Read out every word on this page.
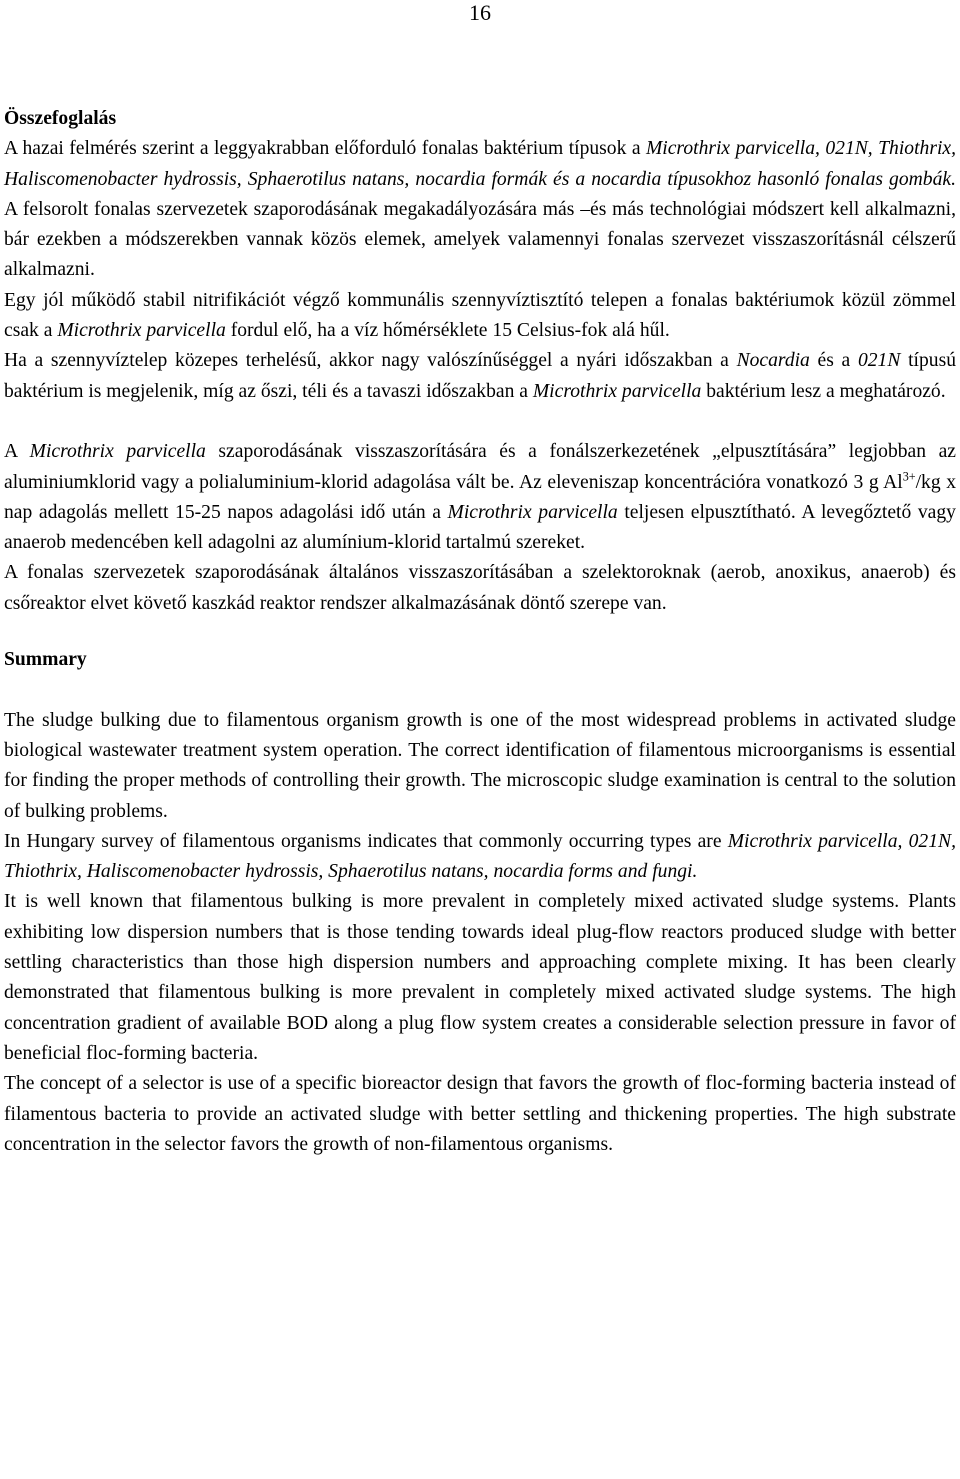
16
Összefoglalás

A hazai felmérés szerint a leggyakrabban előforduló fonalas baktérium típusok a Microthrix parvicella, 021N, Thiothrix, Haliscomenobacter hydrossis, Sphaerotilus natans, nocardia formák és a nocardia típusokhoz hasonló fonalas gombák. A felsorolt fonalas szervezetek szaporodásának megakadályozására más –és más technológiai módszert kell alkalmazni, bár ezekben a módszerekben vannak közös elemek, amelyek valamennyi fonalas szervezet visszaszorításnál célszerű alkalmazni.

Egy jól működő stabil nitrifikációt végző kommunális szennyvíztisztító telepen a fonalas baktériumok közül zömmel csak a Microthrix parvicella fordul elő, ha a víz hőmérséklete 15 Celsius-fok alá hűl.

Ha a szennyvíztelep közepes terhelésű, akkor nagy valószínűséggel a nyári időszakban a Nocardia és a 021N típusú baktérium is megjelenik, míg az őszi, téli és a tavaszi időszakban a Microthrix parvicella baktérium lesz a meghatározó.

A Microthrix parvicella szaporodásának visszaszorítására és a fonálszerkezetének „elpusztítására” legjobban az aluminiumklorid vagy a polialuminium-klorid adagolása vált be. Az eleveniszap koncentrációra vonatkozó 3 g $Al^{3+}/kg$ x nap adagolás mellett 15-25 napos adagolási idő után a Microthrix parvicella teljesen elpusztítható. A levegőztető vagy anaerob medencében kell adagolni az alumínium-klorid tartalmú szereket.

A fonalas szervezetek szaporodásának általános visszaszorításában a szelektoroknak (aerob, anoxikus, anaerob) és csőreaktor elvet követő kaszkád reaktor rendszer alkalmazásának döntő szerepe van.

Summary

The sludge bulking due to filamentous organism growth is one of the most widespread problems in activated sludge biological wastewater treatment system operation. The correct identification of filamentous microorganisms is essential for finding the proper methods of controlling their growth. The microscopic sludge examination is central to the solution of bulking problems.

In Hungary survey of filamentous organisms indicates that commonly occurring types are Microthrix parvicella, 021N, Thiothrix, Haliscomenobacter hydrossis, Sphaerotilus natans, nocardia forms and fungi.

It is well known that filamentous bulking is more prevalent in completely mixed activated sludge systems. Plants exhibiting low dispersion numbers that is those tending towards ideal plug-flow reactors produced sludge with better settling characteristics than those high dispersion numbers and approaching complete mixing. It has been clearly demonstrated that filamentous bulking is more prevalent in completely mixed activated sludge systems. The high concentration gradient of available BOD along a plug flow system creates a considerable selection pressure in favor of beneficial floc-forming bacteria.

The concept of a selector is use of a specific bioreactor design that favors the growth of floc-forming bacteria instead of filamentous bacteria to provide an activated sludge with better settling and thickening properties. The high substrate concentration in the selector favors the growth of non-filamentous organisms.
